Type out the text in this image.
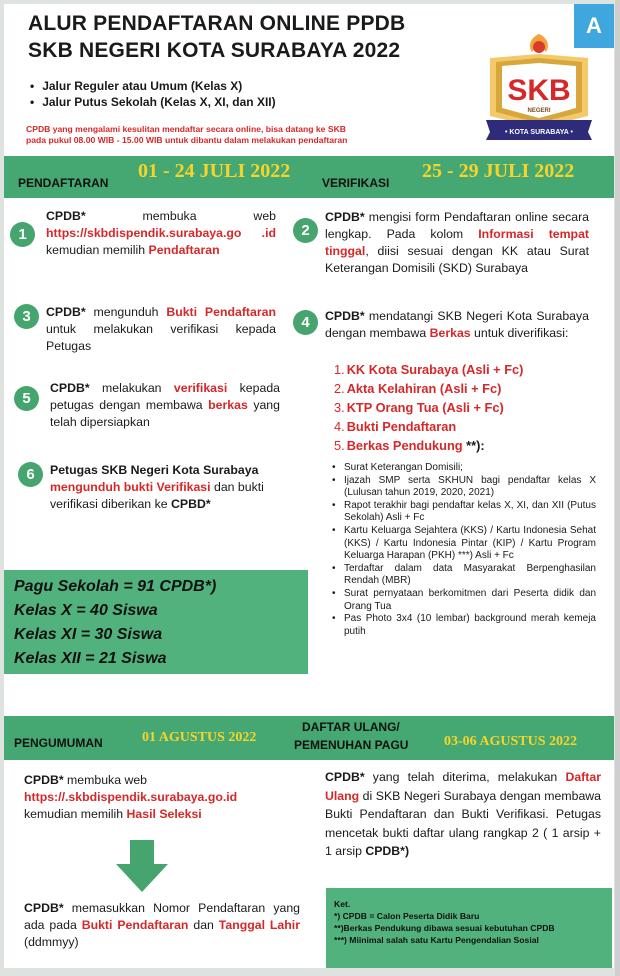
A
ALUR PENDAFTARAN ONLINE PPDB
SKB NEGERI KOTA SURABAYA 2022
• Jalur Reguler atau Umum (Kelas X)
• Jalur Putus Sekolah (Kelas X, XI, dan XII)
CPDB yang mengalami kesulitan mendaftar secara online, bisa datang ke SKB
pada pukul 08.00 WIB - 15.00 WIB untuk dibantu dalam melakukan pendaftaran
SKB
NEGERI
• KOTA SURABAYA •
PENDAFTARAN
01 - 24 JULI 2022
VERIFIKASI
25 - 29 JULI 2022
1
CPDB* membuka web https://skbdispendik.surabaya.go .id kemudian memilih Pendaftaran
2
CPDB* mengisi form Pendaftaran online secara lengkap. Pada kolom Informasi tempat tinggal, diisi sesuai dengan KK atau Surat Keterangan Domisili (SKD) Surabaya
3	CPDB* mengunduh Bukti Pendaftaran untuk melakukan verifikasi kepada Petugas
4	CPDB* mendatangi SKB Negeri Kota Surabaya dengan membawa Berkas untuk diverifikasi:
1. KK Kota Surabaya (Asli + Fc)
2. Akta Kelahiran (Asli + Fc)
3. KTP Orang Tua (Asli + Fc)
4. Bukti Pendaftaran
5. Berkas Pendukung **):
• Surat Keterangan Domisili;
• Ijazah SMP serta SKHUN bagi pendaftar kelas X (Lulusan tahun 2019, 2020, 2021)
• Rapot terakhir bagi pendaftar kelas X, XI, dan XII (Putus Sekolah) Asli + Fc
• Kartu Keluarga Sejahtera (KKS) / Kartu Indonesia Sehat (KKS) / Kartu Indonesia Pintar (KIP) / Kartu Program Keluarga Harapan (PKH) ***) Asli + Fc
• Terdaftar dalam data Masyarakat Berpenghasilan Rendah (MBR)
• Surat pernyataan berkomitmen dari Peserta didik dan Orang Tua
• Pas Photo 3x4 (10 lembar) background merah kemeja putih
5
CPDB* melakukan verifikasi kepada petugas dengan membawa berkas yang telah dipersiapkan
6	Petugas SKB Negeri Kota Surabaya mengunduh bukti Verifikasi dan bukti verifikasi diberikan ke CPBD*
Pagu Sekolah = 91 CPDB*)
Kelas X = 40 Siswa
Kelas XI = 30 Siswa
Kelas XII = 21 Siswa
PENGUMUMAN	01 AGUSTUS 2022
DAFTAR ULANG/
PEMENUHAN PAGU	03-06 AGUSTUS 2022
CPDB* membuka web
https://.skbdispendik.surabaya.go.id
kemudian memilih Hasil Seleksi
CPDB* memasukkan Nomor Pendaftaran yang ada pada Bukti Pendaftaran dan Tanggal Lahir (ddmmyy)
CPDB* yang telah diterima, melakukan Daftar Ulang di SKB Negeri Surabaya dengan membawa Bukti Pendaftaran dan Bukti Verifikasi. Petugas mencetak bukti daftar ulang rangkap 2 ( 1 arsip + 1 arsip CPDB*)
Ket.
*) CPDB = Calon Peserta Didik Baru
**)Berkas Pendukung dibawa sesuai kebutuhan CPDB
***) Miinimal salah satu Kartu Pengendalian Sosial
